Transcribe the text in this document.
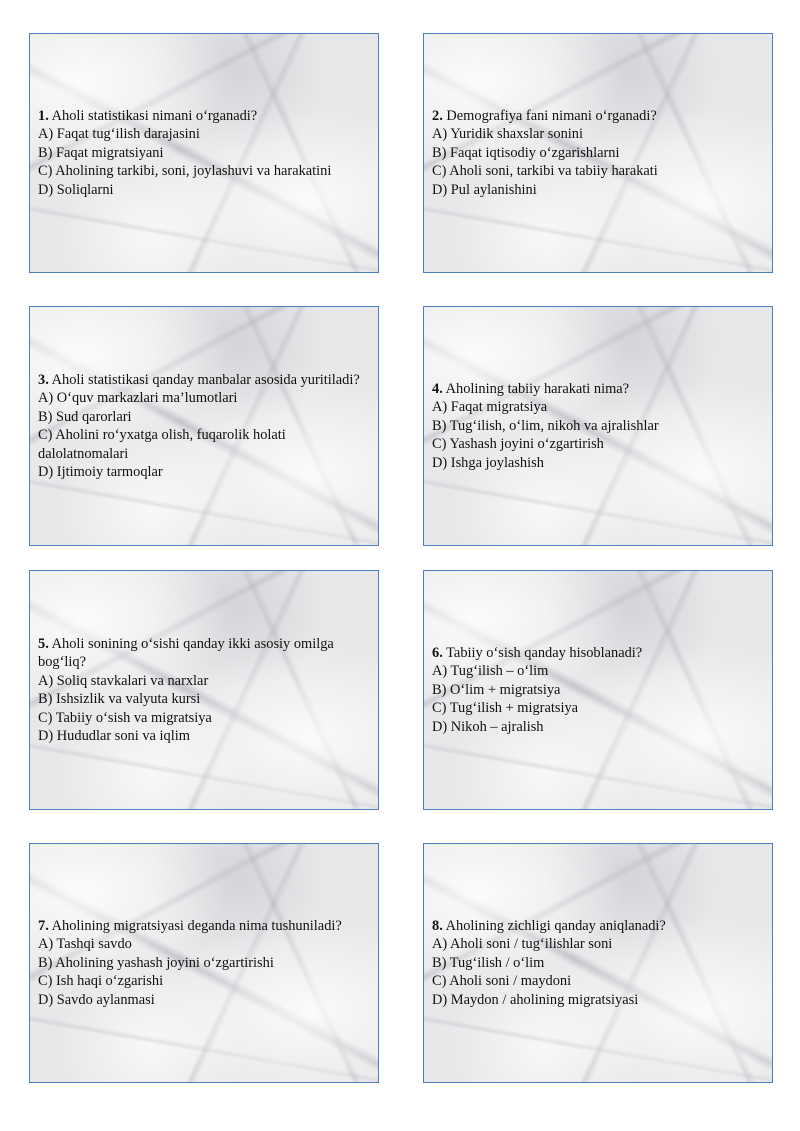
1. Aholi statistikasi nimani o‘rganadi?

A) Faqat tug‘ilish darajasini

B) Faqat migratsiyani

C) Aholining tarkibi, soni, joylashuvi va harakatini

D) Soliqlarni

2. Demografiya fani nimani o‘rganadi?

A) Yuridik shaxslar sonini

B) Faqat iqtisodiy o‘zgarishlarni

C) Aholi soni, tarkibi va tabiiy harakati

D) Pul aylanishini

3. Aholi statistikasi qanday manbalar asosida yuritiladi?

A) O‘quv markazlari ma’lumotlari

B) Sud qarorlari

C) Aholini ro‘yxatga olish, fuqarolik holati dalolatnomalari

D) Ijtimoiy tarmoqlar

4. Aholining tabiiy harakati nima?

A) Faqat migratsiya

B) Tug‘ilish, o‘lim, nikoh va ajralishlar

C) Yashash joyini o‘zgartirish

D) Ishga joylashish

5. Aholi sonining o‘sishi qanday ikki asosiy omilga bog‘liq?

A) Soliq stavkalari va narxlar

B) Ishsizlik va valyuta kursi

C) Tabiiy o‘sish va migratsiya

D) Hududlar soni va iqlim

6. Tabiiy o‘sish qanday hisoblanadi?

A) Tug‘ilish – o‘lim

B) O‘lim + migratsiya

C) Tug‘ilish + migratsiya

D) Nikoh – ajralish

7. Aholining migratsiyasi deganda nima tushuniladi?

A) Tashqi savdo

B) Aholining yashash joyini o‘zgartirishi

C) Ish haqi o‘zgarishi

D) Savdo aylanmasi

8. Aholining zichligi qanday aniqlanadi?

A) Aholi soni / tug‘ilishlar soni

B) Tug‘ilish / o‘lim

C) Aholi soni / maydoni

D) Maydon / aholining migratsiyasi
